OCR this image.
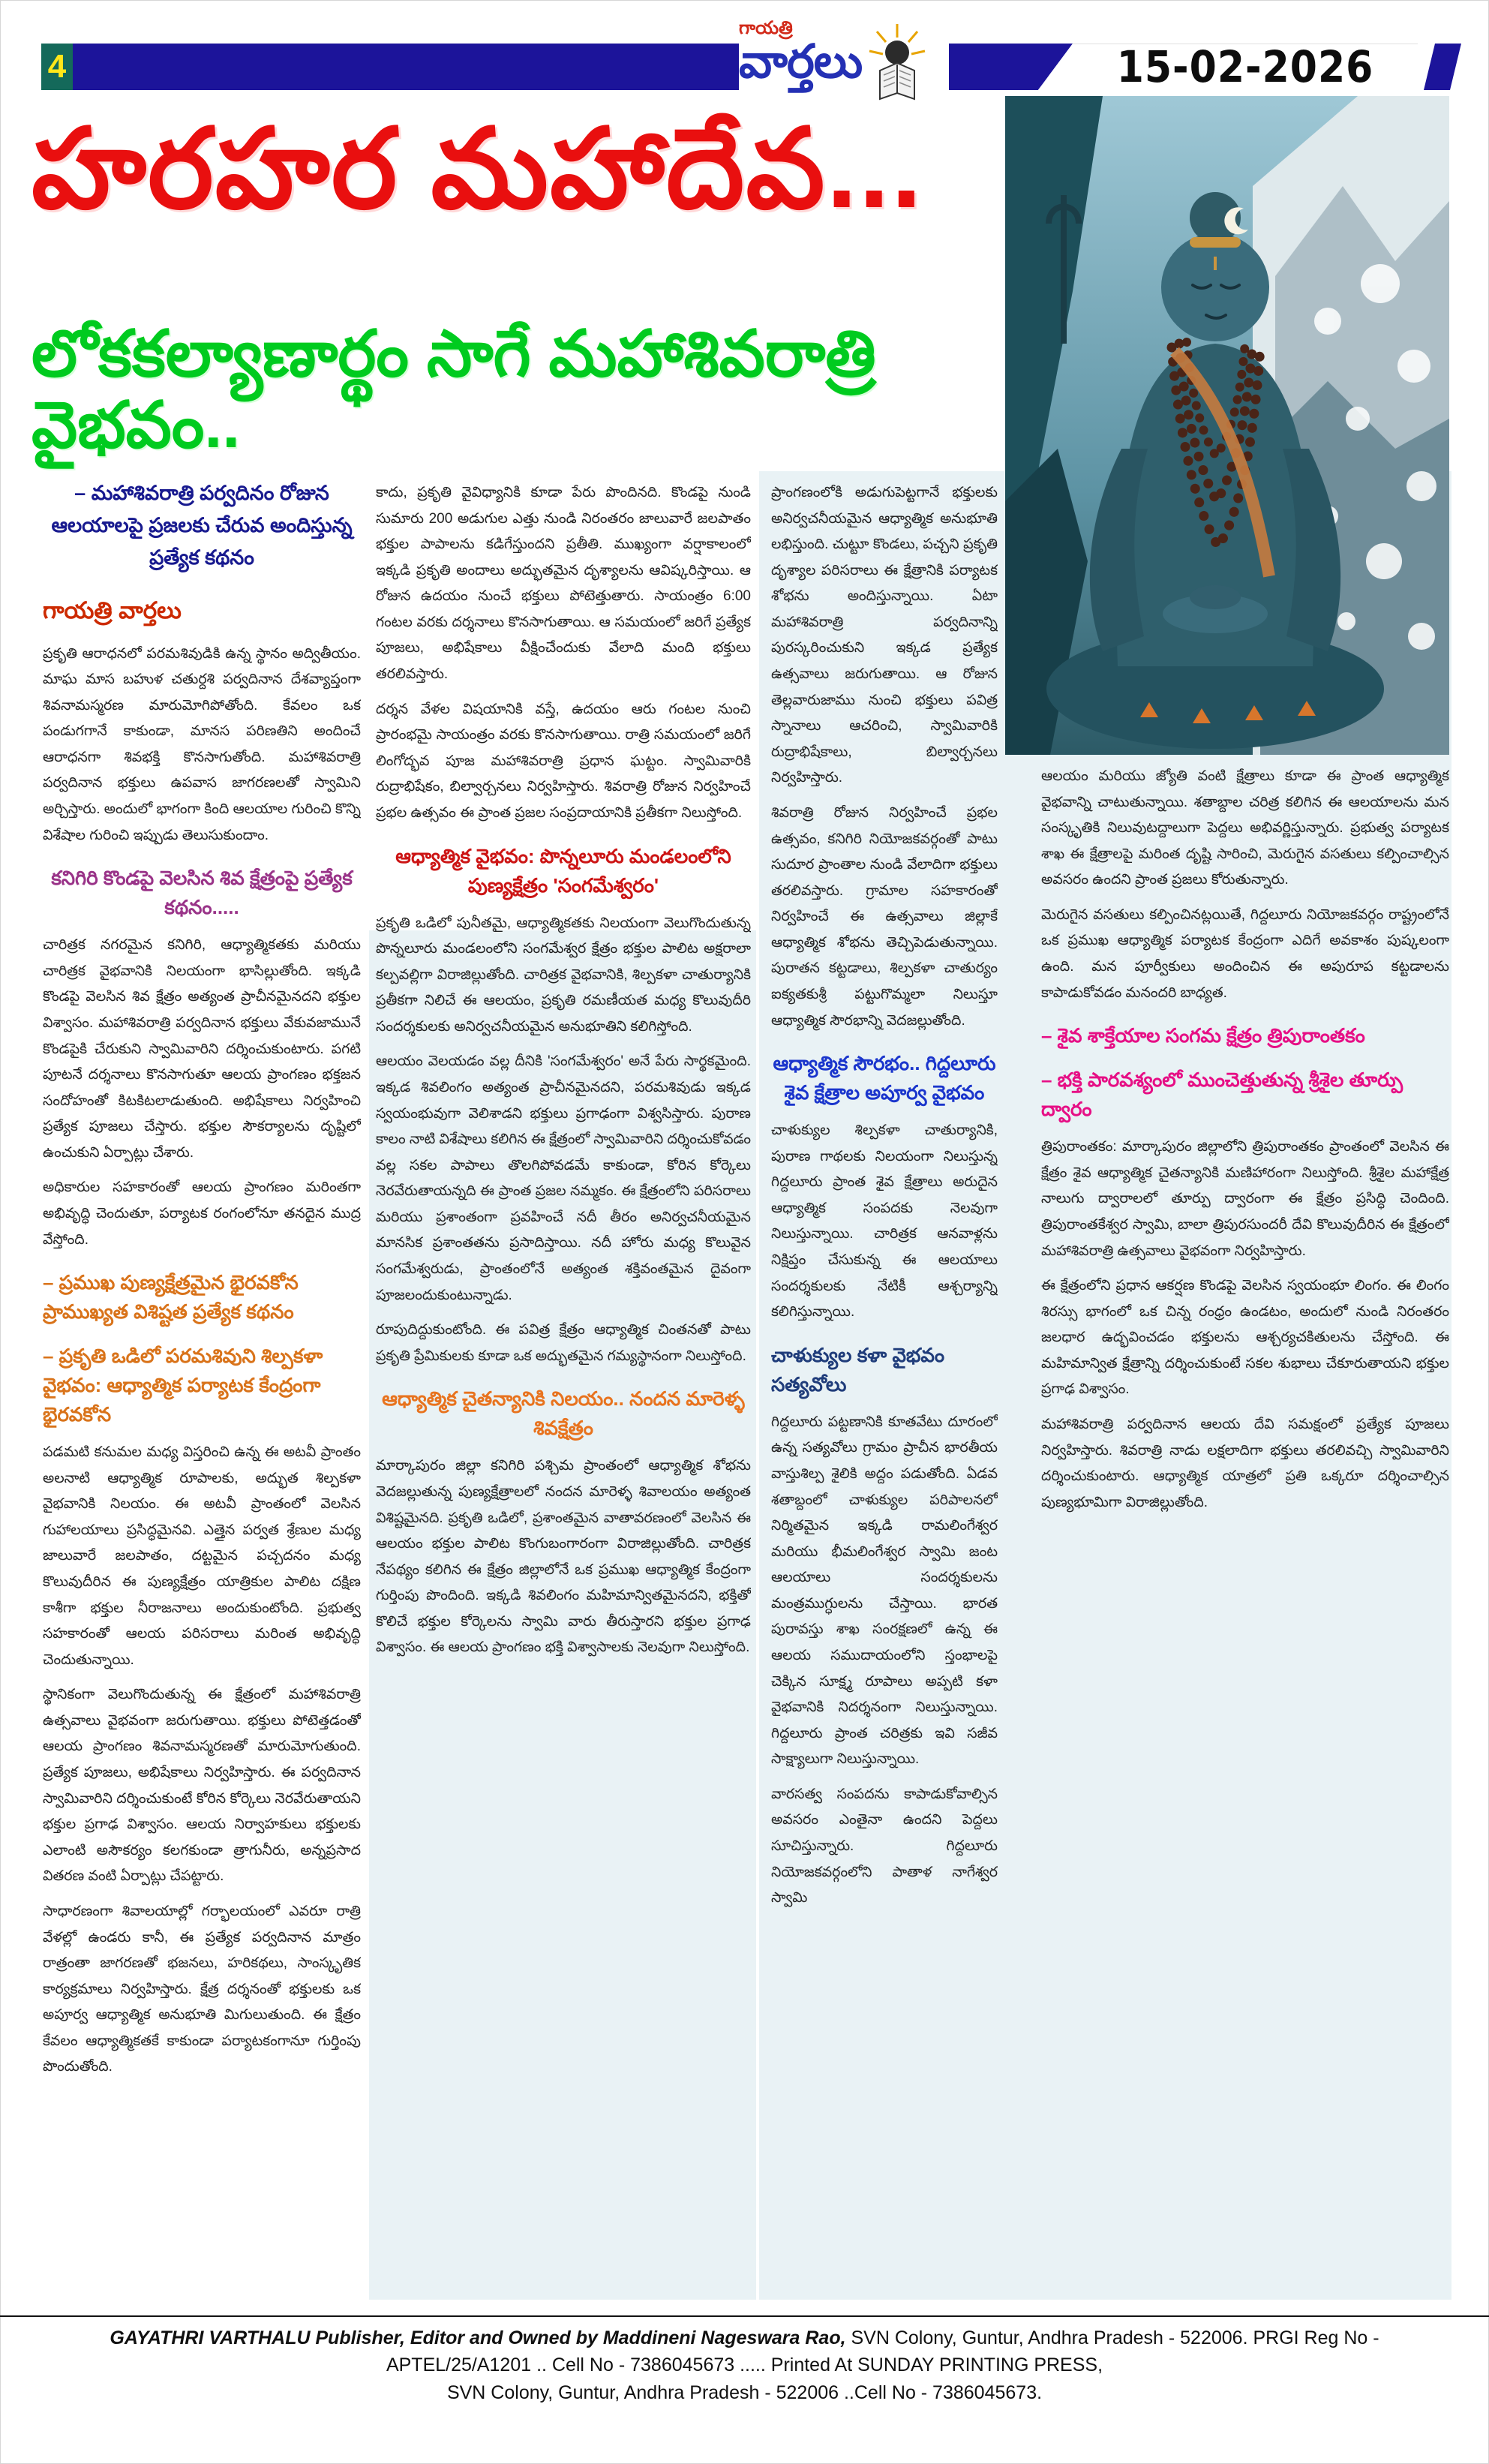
4	15-02-2026
గాయత్రి
వార్తలు
హరహర మహాదేవ...
లోకకల్యాణార్థం సాగే మహాశివరాత్రి వైభవం..
– మహాశివరాత్రి పర్వదినం రోజున ఆలయాలపై ప్రజలకు చేరువ అందిస్తున్న ప్రత్యేక కథనం
గాయత్రి వార్తలు
ప్రకృతి ఆరాధనలో పరమశివుడికి ఉన్న స్థానం అద్వితీయం. మాఘ మాస బహుళ చతుర్దశి పర్వదినాన దేశవ్యాప్తంగా శివనామస్మరణ మారుమోగిపోతోంది. కేవలం ఒక పండుగగానే కాకుండా, మానస పరిణతిని అందించే ఆరాధనగా శివభక్తి కొనసాగుతోంది. మహాశివరాత్రి పర్వదినాన భక్తులు ఉపవాస జాగరణలతో స్వామిని అర్చిస్తారు. అందులో భాగంగా కింది ఆలయాల గురించి కొన్ని విశేషాల గురించి ఇప్పుడు తెలుసుకుందాం.
కనిగిరి కొండపై వెలసిన శివ క్షేత్రంపై ప్రత్యేక కథనం.....
చారిత్రక నగరమైన కనిగిరి, ఆధ్యాత్మికతకు మరియు చారిత్రక వైభవానికి నిలయంగా భాసిల్లుతోంది. ఇక్కడి కొండపై వెలసిన శివ క్షేత్రం అత్యంత ప్రాచీనమైనదని భక్తుల విశ్వాసం. మహాశివరాత్రి పర్వదినాన భక్తులు వేకువజామునే కొండపైకి చేరుకుని స్వామివారిని దర్శించుకుంటారు. పగటి పూటనే దర్శనాలు కొనసాగుతూ ఆలయ ప్రాంగణం భక్తజన సందోహంతో కిటకిటలాడుతుంది. అభిషేకాలు నిర్వహించి ప్రత్యేక పూజలు చేస్తారు. భక్తుల సౌకర్యాలను దృష్టిలో ఉంచుకుని ఏర్పాట్లు చేశారు.
అధికారుల సహకారంతో ఆలయ ప్రాంగణం మరింతగా అభివృద్ధి చెందుతూ, పర్యాటక రంగంలోనూ తనదైన ముద్ర వేస్తోంది.
– ప్రముఖ పుణ్యక్షేత్రమైన భైరవకోన ప్రాముఖ్యత విశిష్టత ప్రత్యేక కథనం
– ప్రకృతి ఒడిలో పరమశివుని శిల్పకళా వైభవం: ఆధ్యాత్మిక పర్యాటక కేంద్రంగా భైరవకోన
పడమటి కనుమల మధ్య విస్తరించి ఉన్న ఈ అటవీ ప్రాంతం అలనాటి ఆధ్యాత్మిక రూపాలకు, అద్భుత శిల్పకళా వైభవానికి నిలయం. ఈ అటవీ ప్రాంతంలో వెలసిన గుహాలయాలు ప్రసిద్ధమైనవి. ఎత్తైన పర్వత శ్రేణుల మధ్య జాలువారే జలపాతం, దట్టమైన పచ్చదనం మధ్య కొలువుదీరిన ఈ పుణ్యక్షేత్రం యాత్రికుల పాలిట దక్షిణ కాశీగా భక్తుల నీరాజనాలు అందుకుంటోంది. ప్రభుత్వ సహకారంతో ఆలయ పరిసరాలు మరింత అభివృద్ధి చెందుతున్నాయి.
స్థానికంగా వెలుగొందుతున్న ఈ క్షేత్రంలో మహాశివరాత్రి ఉత్సవాలు వైభవంగా జరుగుతాయి. భక్తులు పోటెత్తడంతో ఆలయ ప్రాంగణం శివనామస్మరణతో మారుమోగుతుంది. ప్రత్యేక పూజలు, అభిషేకాలు నిర్వహిస్తారు. ఈ పర్వదినాన స్వామివారిని దర్శించుకుంటే కోరిన కోర్కెలు నెరవేరుతాయని భక్తుల ప్రగాఢ విశ్వాసం. ఆలయ నిర్వాహకులు భక్తులకు ఎలాంటి అసౌకర్యం కలగకుండా త్రాగునీరు, అన్నప్రసాద వితరణ వంటి ఏర్పాట్లు చేపట్టారు.
సాధారణంగా శివాలయాల్లో గర్భాలయంలో ఎవరూ రాత్రి వేళల్లో ఉండరు కానీ, ఈ ప్రత్యేక పర్వదినాన మాత్రం రాత్రంతా జాగరణతో భజనలు, హరికథలు, సాంస్కృతిక కార్యక్రమాలు నిర్వహిస్తారు. క్షేత్ర దర్శనంతో భక్తులకు ఒక అపూర్వ ఆధ్యాత్మిక అనుభూతి మిగులుతుంది. ఈ క్షేత్రం కేవలం ఆధ్యాత్మికతకే కాకుండా పర్యాటకంగానూ గుర్తింపు పొందుతోంది.
కాదు, ప్రకృతి వైవిధ్యానికి కూడా పేరు పొందినది. కొండపై నుండి సుమారు 200 అడుగుల ఎత్తు నుండి నిరంతరం జాలువారే జలపాతం భక్తుల పాపాలను కడిగేస్తుందని ప్రతీతి. ముఖ్యంగా వర్షాకాలంలో ఇక్కడి ప్రకృతి అందాలు అద్భుతమైన దృశ్యాలను ఆవిష్కరిస్తాయి. ఆ రోజున ఉదయం నుంచే భక్తులు పోటెత్తుతారు. సాయంత్రం 6:00 గంటల వరకు దర్శనాలు కొనసాగుతాయి. ఆ సమయంలో జరిగే ప్రత్యేక పూజలు, అభిషేకాలు వీక్షించేందుకు వేలాది మంది భక్తులు తరలివస్తారు.
దర్శన వేళల విషయానికి వస్తే, ఉదయం ఆరు గంటల నుంచి ప్రారంభమై సాయంత్రం వరకు కొనసాగుతాయి. రాత్రి సమయంలో జరిగే లింగోద్భవ పూజ మహాశివరాత్రి ప్రధాన ఘట్టం. స్వామివారికి రుద్రాభిషేకం, బిల్వార్చనలు నిర్వహిస్తారు. శివరాత్రి రోజున నిర్వహించే ప్రభల ఉత్సవం ఈ ప్రాంత ప్రజల సంప్రదాయానికి ప్రతీకగా నిలుస్తోంది.
ఆధ్యాత్మిక వైభవం: పొన్నలూరు మండలంలోని పుణ్యక్షేత్రం 'సంగమేశ్వరం'
ప్రకృతి ఒడిలో పునీతమై, ఆధ్యాత్మికతకు నిలయంగా వెలుగొందుతున్న పొన్నలూరు మండలంలోని సంగమేశ్వర క్షేత్రం భక్తుల పాలిట అక్షరాలా కల్పవల్లిగా విరాజిల్లుతోంది. చారిత్రక వైభవానికి, శిల్పకళా చాతుర్యానికి ప్రతీకగా నిలిచే ఈ ఆలయం, ప్రకృతి రమణీయత మధ్య కొలువుదీరి సందర్శకులకు అనిర్వచనీయమైన అనుభూతిని కలిగిస్తోంది.
ఆలయం వెలయడం వల్ల దీనికి 'సంగమేశ్వరం' అనే పేరు సార్థకమైంది. ఇక్కడ శివలింగం అత్యంత ప్రాచీనమైనదని, పరమశివుడు ఇక్కడ స్వయంభువుగా వెలిశాడని భక్తులు ప్రగాఢంగా విశ్వసిస్తారు. పురాణ కాలం నాటి విశేషాలు కలిగిన ఈ క్షేత్రంలో స్వామివారిని దర్శించుకోవడం వల్ల సకల పాపాలు తొలగిపోవడమే కాకుండా, కోరిన కోర్కెలు నెరవేరుతాయన్నది ఈ ప్రాంత ప్రజల నమ్మకం. ఈ క్షేత్రంలోని పరిసరాలు మరియు ప్రశాంతంగా ప్రవహించే నదీ తీరం అనిర్వచనీయమైన మానసిక ప్రశాంతతను ప్రసాదిస్తాయి. నదీ హోరు మధ్య కొలువైన సంగమేశ్వరుడు, ప్రాంతంలోనే అత్యంత శక్తివంతమైన దైవంగా పూజలందుకుంటున్నాడు.
రూపుదిద్దుకుంటోంది. ఈ పవిత్ర క్షేత్రం ఆధ్యాత్మిక చింతనతో పాటు ప్రకృతి ప్రేమికులకు కూడా ఒక అద్భుతమైన గమ్యస్థానంగా నిలుస్తోంది.
ఆధ్యాత్మిక చైతన్యానికి నిలయం.. నందన మారెళ్ళ శివక్షేత్రం
మార్కాపురం జిల్లా కనిగిరి పశ్చిమ ప్రాంతంలో ఆధ్యాత్మిక శోభను వెదజల్లుతున్న పుణ్యక్షేత్రాలలో నందన మారెళ్ళ శివాలయం అత్యంత విశిష్టమైనది. ప్రకృతి ఒడిలో, ప్రశాంతమైన వాతావరణంలో వెలసిన ఈ ఆలయం భక్తుల పాలిట కొంగుబంగారంగా విరాజిల్లుతోంది. చారిత్రక నేపథ్యం కలిగిన ఈ క్షేత్రం జిల్లాలోనే ఒక ప్రముఖ ఆధ్యాత్మిక కేంద్రంగా గుర్తింపు పొందింది. ఇక్కడి శివలింగం మహిమాన్వితమైనదని, భక్తితో కొలిచే భక్తుల కోర్కెలను స్వామి వారు తీరుస్తారని భక్తుల ప్రగాఢ విశ్వాసం. ఈ ఆలయ ప్రాంగణం భక్తి విశ్వాసాలకు నెలవుగా నిలుస్తోంది.
ప్రాంగణంలోకి అడుగుపెట్టగానే భక్తులకు అనిర్వచనీయమైన ఆధ్యాత్మిక అనుభూతి లభిస్తుంది. చుట్టూ కొండలు, పచ్చని ప్రకృతి దృశ్యాల పరిసరాలు ఈ క్షేత్రానికి పర్యాటక శోభను అందిస్తున్నాయి. ఏటా మహాశివరాత్రి పర్వదినాన్ని పురస్కరించుకుని ఇక్కడ ప్రత్యేక ఉత్సవాలు జరుగుతాయి. ఆ రోజున తెల్లవారుజాము నుంచి భక్తులు పవిత్ర స్నానాలు ఆచరించి, స్వామివారికి రుద్రాభిషేకాలు, బిల్వార్చనలు నిర్వహిస్తారు.
శివరాత్రి రోజున నిర్వహించే ప్రభల ఉత్సవం, కనిగిరి నియోజకవర్గంతో పాటు సుదూర ప్రాంతాల నుండి వేలాదిగా భక్తులు తరలివస్తారు. గ్రామాల సహకారంతో నిర్వహించే ఈ ఉత్సవాలు జిల్లాకే ఆధ్యాత్మిక శోభను తెచ్చిపెడుతున్నాయి. పురాతన కట్టడాలు, శిల్పకళా చాతుర్యం ఐక్యతకుశ్రీ పట్టుగొమ్మలా నిలుస్తూ ఆధ్యాత్మిక సౌరభాన్ని వెదజల్లుతోంది.
ఆధ్యాత్మిక సౌరభం.. గిద్దలూరు శైవ క్షేత్రాల అపూర్వ వైభవం
చాళుక్యుల శిల్పకళా చాతుర్యానికి, పురాణ గాథలకు నిలయంగా నిలుస్తున్న గిద్దలూరు ప్రాంత శైవ క్షేత్రాలు అరుదైన ఆధ్యాత్మిక సంపదకు నెలవుగా నిలుస్తున్నాయి. చారిత్రక ఆనవాళ్లను నిక్షిప్తం చేసుకున్న ఈ ఆలయాలు సందర్శకులకు నేటికీ ఆశ్చర్యాన్ని కలిగిస్తున్నాయి.
చాళుక్యుల కళా వైభవం సత్యవోలు
గిద్దలూరు పట్టణానికి కూతవేటు దూరంలో ఉన్న సత్యవోలు గ్రామం ప్రాచీన భారతీయ వాస్తుశిల్ప శైలికి అద్దం పడుతోంది. ఏడవ శతాబ్దంలో చాళుక్యుల పరిపాలనలో నిర్మితమైన ఇక్కడి రామలింగేశ్వర మరియు భీమలింగేశ్వర స్వామి జంట ఆలయాలు సందర్శకులను మంత్రముగ్ధులను చేస్తాయి. భారత పురావస్తు శాఖ సంరక్షణలో ఉన్న ఈ ఆలయ సముదాయంలోని స్తంభాలపై చెక్కిన సూక్ష్మ రూపాలు అప్పటి కళా వైభవానికి నిదర్శనంగా నిలుస్తున్నాయి. గిద్దలూరు ప్రాంత చరిత్రకు ఇవి సజీవ సాక్ష్యాలుగా నిలుస్తున్నాయి.
వారసత్వ సంపదను కాపాడుకోవాల్సిన అవసరం ఎంతైనా ఉందని పెద్దలు సూచిస్తున్నారు. గిద్దలూరు నియోజకవర్గంలోని పాతాళ నాగేశ్వర స్వామి
ఆలయం మరియు జ్యోతి వంటి క్షేత్రాలు కూడా ఈ ప్రాంత ఆధ్యాత్మిక వైభవాన్ని చాటుతున్నాయి. శతాబ్దాల చరిత్ర కలిగిన ఈ ఆలయాలను మన సంస్కృతికి నిలువుటద్దాలుగా పెద్దలు అభివర్ణిస్తున్నారు. ప్రభుత్వ పర్యాటక శాఖ ఈ క్షేత్రాలపై మరింత దృష్టి సారించి, మెరుగైన వసతులు కల్పించాల్సిన అవసరం ఉందని ప్రాంత ప్రజలు కోరుతున్నారు.
మెరుగైన వసతులు కల్పించినట్లయితే, గిద్దలూరు నియోజకవర్గం రాష్ట్రంలోనే ఒక ప్రముఖ ఆధ్యాత్మిక పర్యాటక కేంద్రంగా ఎదిగే అవకాశం పుష్కలంగా ఉంది. మన పూర్వీకులు అందించిన ఈ అపురూప కట్టడాలను కాపాడుకోవడం మనందరి బాధ్యత.
– శైవ శాక్తేయాల సంగమ క్షేత్రం త్రిపురాంతకం
– భక్తి పారవశ్యంలో ముంచెత్తుతున్న శ్రీశైల తూర్పు ద్వారం
త్రిపురాంతకం: మార్కాపురం జిల్లాలోని త్రిపురాంతకం ప్రాంతంలో వెలసిన ఈ క్షేత్రం శైవ ఆధ్యాత్మిక చైతన్యానికి మణిహారంగా నిలుస్తోంది. శ్రీశైల మహాక్షేత్ర నాలుగు ద్వారాలలో తూర్పు ద్వారంగా ఈ క్షేత్రం ప్రసిద్ధి చెందింది. త్రిపురాంతకేశ్వర స్వామి, బాలా త్రిపురసుందరీ దేవి కొలువుదీరిన ఈ క్షేత్రంలో మహాశివరాత్రి ఉత్సవాలు వైభవంగా నిర్వహిస్తారు.
ఈ క్షేత్రంలోని ప్రధాన ఆకర్షణ కొండపై వెలసిన స్వయంభూ లింగం. ఈ లింగం శిరస్సు భాగంలో ఒక చిన్న రంధ్రం ఉండటం, అందులో నుండి నిరంతరం జలధార ఉద్భవించడం భక్తులను ఆశ్చర్యచకితులను చేస్తోంది. ఈ మహిమాన్విత క్షేత్రాన్ని దర్శించుకుంటే సకల శుభాలు చేకూరుతాయని భక్తుల ప్రగాఢ విశ్వాసం.
మహాశివరాత్రి పర్వదినాన ఆలయ దేవి సమక్షంలో ప్రత్యేక పూజలు నిర్వహిస్తారు. శివరాత్రి నాడు లక్షలాదిగా భక్తులు తరలివచ్చి స్వామివారిని దర్శించుకుంటారు. ఆధ్యాత్మిక యాత్రలో ప్రతి ఒక్కరూ దర్శించాల్సిన పుణ్యభూమిగా విరాజిల్లుతోంది.
GAYATHRI VARTHALU Publisher, Editor and Owned by Maddineni Nageswara Rao, SVN Colony, Guntur, Andhra Pradesh - 522006. PRGI Reg No -
APTEL/25/A1201 .. Cell No - 7386045673 ..... Printed At SUNDAY PRINTING PRESS,
SVN Colony, Guntur, Andhra Pradesh - 522006 ..Cell No - 7386045673.
